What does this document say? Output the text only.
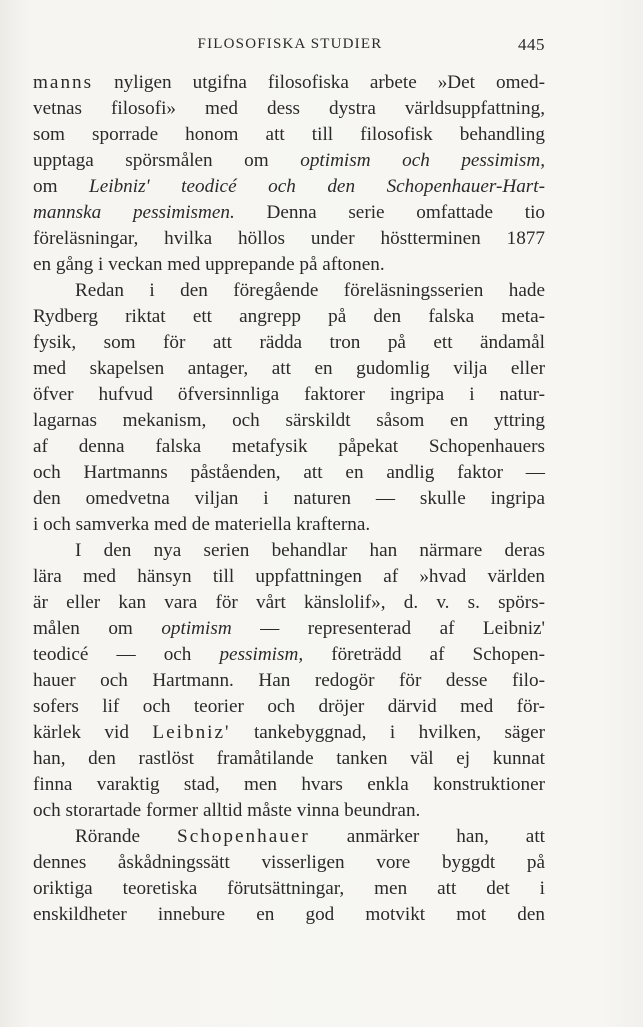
FILOSOFISKA STUDIER	445
manns nyligen utgifna filosofiska arbete »Det omed-
vetnas filosofi» med dess dystra världsuppfattning,
som sporrade honom att till filosofisk behandling
upptaga spörsmålen om optimism och pessimism,
om Leibniz' teodicé och den Schopenhauer-Hart-
mannska pessimismen. Denna serie omfattade tio
föreläsningar, hvilka höllos under höstterminen 1877
en gång i veckan med upprepande på aftonen.
Redan i den föregående föreläsningsserien hade
Rydberg riktat ett angrepp på den falska meta-
fysik, som för att rädda tron på ett ändamål
med skapelsen antager, att en gudomlig vilja eller
öfver hufvud öfversinnliga faktorer ingripa i natur-
lagarnas mekanism, och särskildt såsom en yttring
af denna falska metafysik påpekat Schopenhauers
och Hartmanns påståenden, att en andlig faktor —
den omedvetna viljan i naturen — skulle ingripa
i och samverka med de materiella krafterna.
I den nya serien behandlar han närmare deras
lära med hänsyn till uppfattningen af »hvad världen
är eller kan vara för vårt känslolif», d. v. s. spörs-
målen om optimism — representerad af Leibniz'
teodicé — och pessimism, företrädd af Schopen-
hauer och Hartmann. Han redogör för desse filo-
sofers lif och teorier och dröjer därvid med för-
kärlek vid Leibniz' tankebyggnad, i hvilken, säger
han, den rastlöst framåtilande tanken väl ej kunnat
finna varaktig stad, men hvars enkla konstruktioner
och storartade former alltid måste vinna beundran.
Rörande Schopenhauer anmärker han, att
dennes åskådningssätt visserligen vore byggdt på
oriktiga teoretiska förutsättningar, men att det i
enskildheter innebure en god motvikt mot den
